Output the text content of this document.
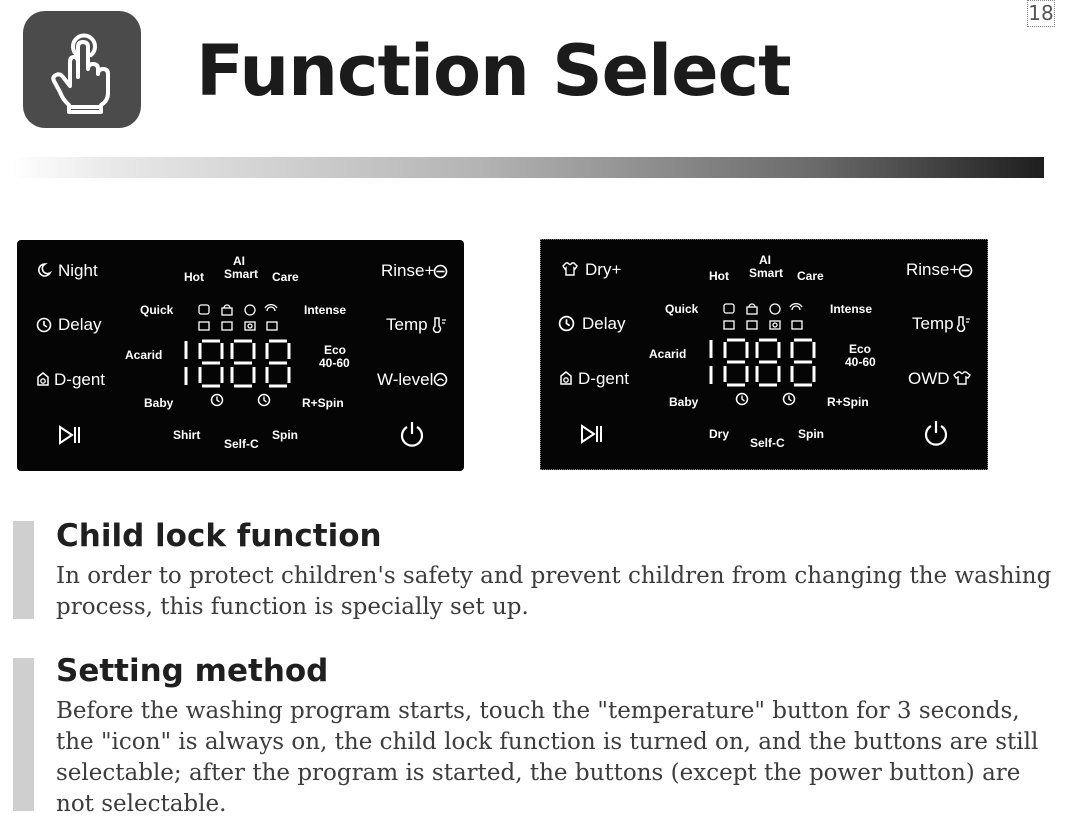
18
Function Select
Night
Delay
D-gent
Hot
AI
Smart Care
Quick	Intense
Acarid	Eco
40-60
Baby	R+Spin
Shirt
Self-C
Spin
Rinse+
Temp
W-level
Dry+
Delay
D-gent
Hot
AI
Smart Care
Quick	Intense
Acarid	Eco
40-60
Baby	R+Spin
Dry
Self-C
Spin
Rinse+
Temp
OWD
Child lock function
In order to protect children's safety and prevent children from changing the washing process, this function is specially set up.
Setting method
Before the washing program starts, touch the "temperature" button for 3 seconds, the "icon" is always on, the child lock function is turned on, and the buttons are still selectable; after the program is started, the buttons (except the power button) are not selectable.
